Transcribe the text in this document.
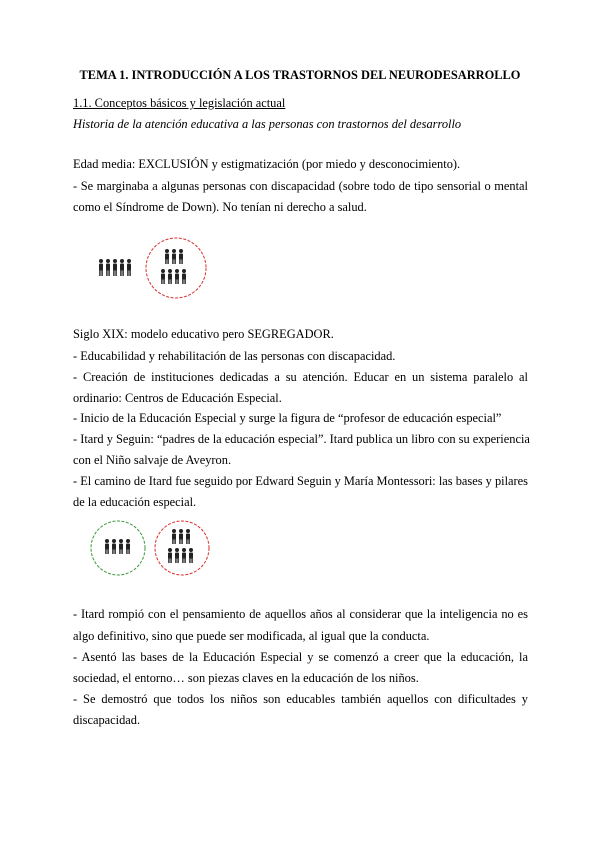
TEMA 1. INTRODUCCIÓN A LOS TRASTORNOS DEL NEURODESARROLLO
1.1. Conceptos básicos y legislación actual
Historia de la atención educativa a las personas con trastornos del desarrollo
Edad media: EXCLUSIÓN y estigmatización (por miedo y desconocimiento).
- Se marginaba a algunas personas con discapacidad (sobre todo de tipo sensorial o mental
como el Síndrome de Down). No tenían ni derecho a salud.
Siglo XIX: modelo educativo pero SEGREGADOR.
- Educabilidad y rehabilitación de las personas con discapacidad.
- Creación de instituciones dedicadas a su atención. Educar en un sistema paralelo al
ordinario: Centros de Educación Especial.
- Inicio de la Educación Especial y surge la figura de “profesor de educación especial”
- Itard y Seguin: “padres de la educación especial”. Itard publica un libro con su experiencia
con el Niño salvaje de Aveyron.
- El camino de Itard fue seguido por Edward Seguin y María Montessori: las bases y pilares
de la educación especial.
- Itard rompió con el pensamiento de aquellos años al considerar que la inteligencia no es
algo definitivo, sino que puede ser modificada, al igual que la conducta.
- Asentó las bases de la Educación Especial y se comenzó a creer que la educación, la
sociedad, el entorno… son piezas claves en la educación de los niños.
- Se demostró que todos los niños son educables también aquellos con dificultades y
discapacidad.
